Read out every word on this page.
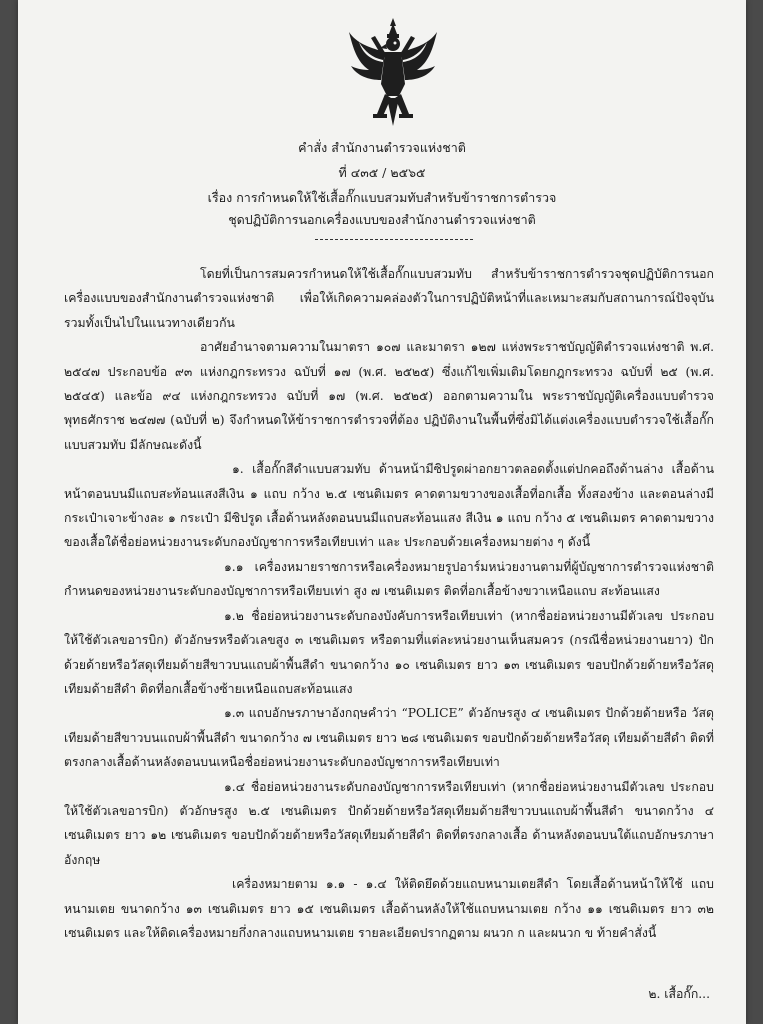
คำสั่ง สำนักงานตำรวจแห่งชาติ
ที่ ๔๓๕ / ๒๕๖๕
เรื่อง การกำหนดให้ใช้เสื้อกั๊กแบบสวมทับสำหรับข้าราชการตำรวจ
ชุดปฏิบัติการนอกเครื่องแบบของสำนักงานตำรวจแห่งชาติ

โดยที่เป็นการสมควรกำหนดให้ใช้เสื้อกั๊กแบบสวมทับ สำหรับข้าราชการตำรวจชุดปฏิบัติการนอกเครื่องแบบของสำนักงานตำรวจแห่งชาติ เพื่อให้เกิดความคล่องตัวในการปฏิบัติหน้าที่และเหมาะสมกับสถานการณ์ปัจจุบัน รวมทั้งเป็นไปในแนวทางเดียวกัน

อาศัยอำนาจตามความในมาตรา ๑๐๗ และมาตรา ๑๒๗ แห่งพระราชบัญญัติตำรวจแห่งชาติ พ.ศ. ๒๕๔๗ ประกอบข้อ ๙๓ แห่งกฎกระทรวง ฉบับที่ ๑๗ (พ.ศ. ๒๕๒๕) ซึ่งแก้ไขเพิ่มเติมโดยกฎกระทรวง ฉบับที่ ๒๕ (พ.ศ. ๒๕๔๕) และข้อ ๙๔ แห่งกฎกระทรวง ฉบับที่ ๑๗ (พ.ศ. ๒๕๒๕) ออกตามความใน พระราชบัญญัติเครื่องแบบตำรวจ พุทธศักราช ๒๔๗๗ (ฉบับที่ ๒) จึงกำหนดให้ข้าราชการตำรวจที่ต้อง ปฏิบัติงานในพื้นที่ซึ่งมิได้แต่งเครื่องแบบตำรวจใช้เสื้อกั๊กแบบสวมทับ มีลักษณะดังนี้

๑. เสื้อกั๊กสีดำแบบสวมทับ ด้านหน้ามีซิปรูดผ่าอกยาวตลอดตั้งแต่ปกคอถึงด้านล่าง เสื้อด้านหน้าตอนบนมีแถบสะท้อนแสงสีเงิน ๑ แถบ กว้าง ๒.๕ เซนติเมตร คาดตามขวางของเสื้อที่อกเสื้อ ทั้งสองข้าง และตอนล่างมีกระเป๋าเจาะข้างละ ๑ กระเป๋า มีซิปรูด เสื้อด้านหลังตอนบนมีแถบสะท้อนแสง สีเงิน ๑ แถบ กว้าง ๕ เซนติเมตร คาดตามขวางของเสื้อใต้ชื่อย่อหน่วยงานระดับกองบัญชาการหรือเทียบเท่า และ ประกอบด้วยเครื่องหมายต่าง ๆ ดังนี้

๑.๑ เครื่องหมายราชการหรือเครื่องหมายรูปอาร์มหน่วยงานตามที่ผู้บัญชาการตำรวจแห่งชาติ กำหนดของหน่วยงานระดับกองบัญชาการหรือเทียบเท่า สูง ๗ เซนติเมตร ติดที่อกเสื้อข้างขวาเหนือแถบ สะท้อนแสง

๑.๒ ชื่อย่อหน่วยงานระดับกองบังคับการหรือเทียบเท่า (หากชื่อย่อหน่วยงานมีตัวเลข ประกอบ ให้ใช้ตัวเลขอารบิก) ตัวอักษรหรือตัวเลขสูง ๓ เซนติเมตร หรือตามที่แต่ละหน่วยงานเห็นสมควร (กรณีชื่อหน่วยงานยาว) ปักด้วยด้ายหรือวัสดุเทียมด้ายสีขาวบนแถบผ้าพื้นสีดำ ขนาดกว้าง ๑๐ เซนติเมตร ยาว ๑๓ เซนติเมตร ขอบปักด้วยด้ายหรือวัสดุเทียมด้ายสีดำ ติดที่อกเสื้อข้างซ้ายเหนือแถบสะท้อนแสง

๑.๓ แถบอักษรภาษาอังกฤษคำว่า “POLICE” ตัวอักษรสูง ๔ เซนติเมตร ปักด้วยด้ายหรือ วัสดุเทียมด้ายสีขาวบนแถบผ้าพื้นสีดำ ขนาดกว้าง ๗ เซนติเมตร ยาว ๒๘ เซนติเมตร ขอบปักด้วยด้ายหรือวัสดุ เทียมด้ายสีดำ ติดที่ตรงกลางเสื้อด้านหลังตอนบนเหนือชื่อย่อหน่วยงานระดับกองบัญชาการหรือเทียบเท่า

๑.๔ ชื่อย่อหน่วยงานระดับกองบัญชาการหรือเทียบเท่า (หากชื่อย่อหน่วยงานมีตัวเลข ประกอบ ให้ใช้ตัวเลขอารบิก) ตัวอักษรสูง ๒.๕ เซนติเมตร ปักด้วยด้ายหรือวัสดุเทียมด้ายสีขาวบนแถบผ้าพื้นสีดำ ขนาดกว้าง ๔ เซนติเมตร ยาว ๑๒ เซนติเมตร ขอบปักด้วยด้ายหรือวัสดุเทียมด้ายสีดำ ติดที่ตรงกลางเสื้อ ด้านหลังตอนบนใต้แถบอักษรภาษาอังกฤษ

เครื่องหมายตาม ๑.๑ - ๑.๔ ให้ติดยึดด้วยแถบหนามเตยสีดำ โดยเสื้อด้านหน้าให้ใช้ แถบหนามเตย ขนาดกว้าง ๑๓ เซนติเมตร ยาว ๑๕ เซนติเมตร เสื้อด้านหลังให้ใช้แถบหนามเตย กว้าง ๑๑ เซนติเมตร ยาว ๓๒ เซนติเมตร และให้ติดเครื่องหมายกึ่งกลางแถบหนามเตย รายละเอียดปรากฏตาม ผนวก ก และผนวก ข ท้ายคำสั่งนี้

๒. เสื้อกั๊ก...
